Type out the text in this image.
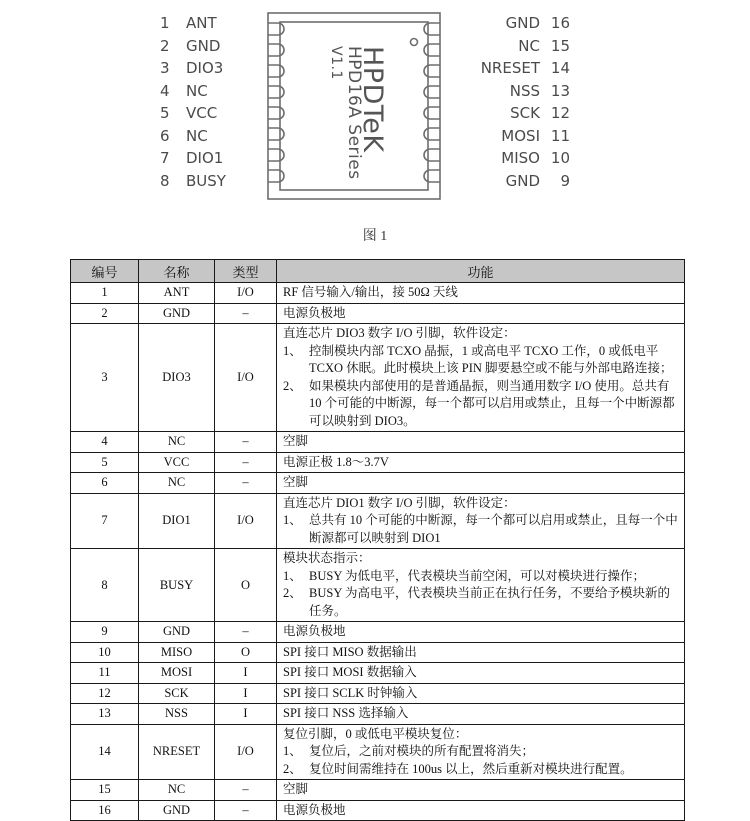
1	ANT
2	GND
3	DIO3
4	NC
5	VCC
6	NC
7	DIO1
8	BUSY
HPDTeK
HPD16A Series
V1.1
GND 16
NC 15
NRESET 14
NSS 13
SCK 12
MOSI 11
MISO 10
GND	9
图 1
编号	名称	类型	功能
1	ANT	I/O	RF 信号输入/输出，接 50Ω 天线

2	GND	–	电源负极地

3	DIO3	I/O	直连芯片 DIO3 数字 I/O 引脚，软件设定：
1、 控制模块内部 TCXO 晶振，1 或高电平 TCXO 工作，0 或低电平 TCXO 休眠。此时模块上该 PIN 脚要悬空或不能与外部电路连接；
2、 如果模块内部使用的是普通晶振，则当通用数字 I/O 使用。总共有 10 个可能的中断源，每一个都可以启用或禁止，且每一个中断源都可以映射到 DIO3。

4	NC	–	空脚

5	VCC	–	电源正极 1.8～3.7V

6	NC	–	空脚

7	DIO1	I/O	直连芯片 DIO1 数字 I/O 引脚，软件设定：
1、 总共有 10 个可能的中断源，每一个都可以启用或禁止，且每一个中断源都可以映射到 DIO1

8	BUSY	O	模块状态指示：
1、 BUSY 为低电平，代表模块当前空闲，可以对模块进行操作；
2、 BUSY 为高电平，代表模块当前正在执行任务，不要给予模块新的任务。

9	GND	–	电源负极地

10	MISO	O	SPI 接口 MISO 数据输出

11	MOSI	I	SPI 接口 MOSI 数据输入

12	SCK	I	SPI 接口 SCLK 时钟输入

13	NSS	I	SPI 接口 NSS 选择输入

14	NRESET	I/O	复位引脚，0 或低电平模块复位：
1、 复位后，之前对模块的所有配置将消失；
2、 复位时间需维持在 100us 以上，然后重新对模块进行配置。

15	NC	–	空脚

16	GND	–	电源负极地
